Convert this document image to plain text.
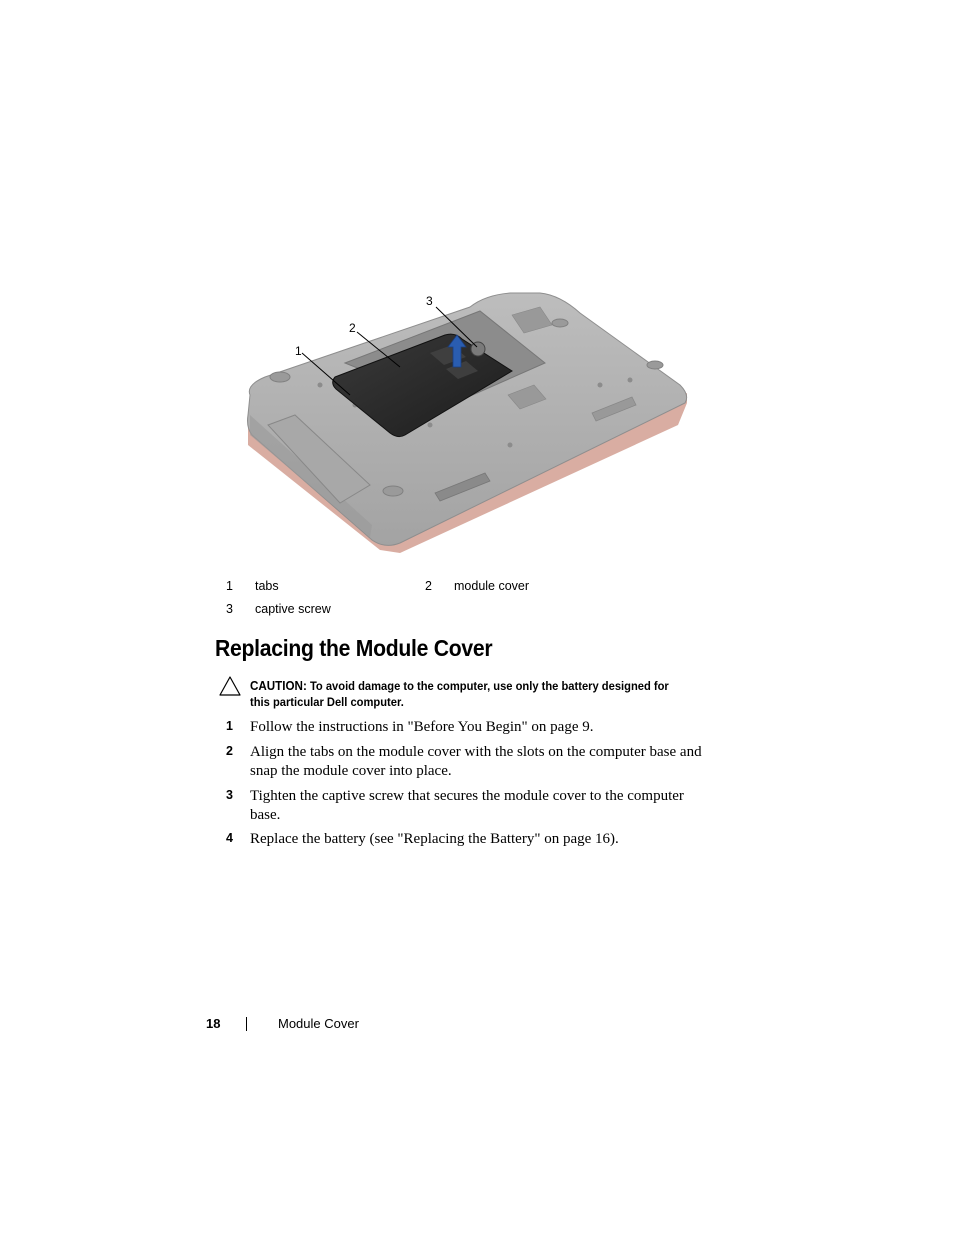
1
2
3
1 tabs	2 module cover
3 captive screw
Replacing the Module Cover
CAUTION: To avoid damage to the computer, use only the battery designed for this particular Dell computer.
1 Follow the instructions in "Before You Begin" on page 9.
2 Align the tabs on the module cover with the slots on the computer base and snap the module cover into place.
3 Tighten the captive screw that secures the module cover to the computer base.
4 Replace the battery (see "Replacing the Battery" on page 16).
18	Module Cover
